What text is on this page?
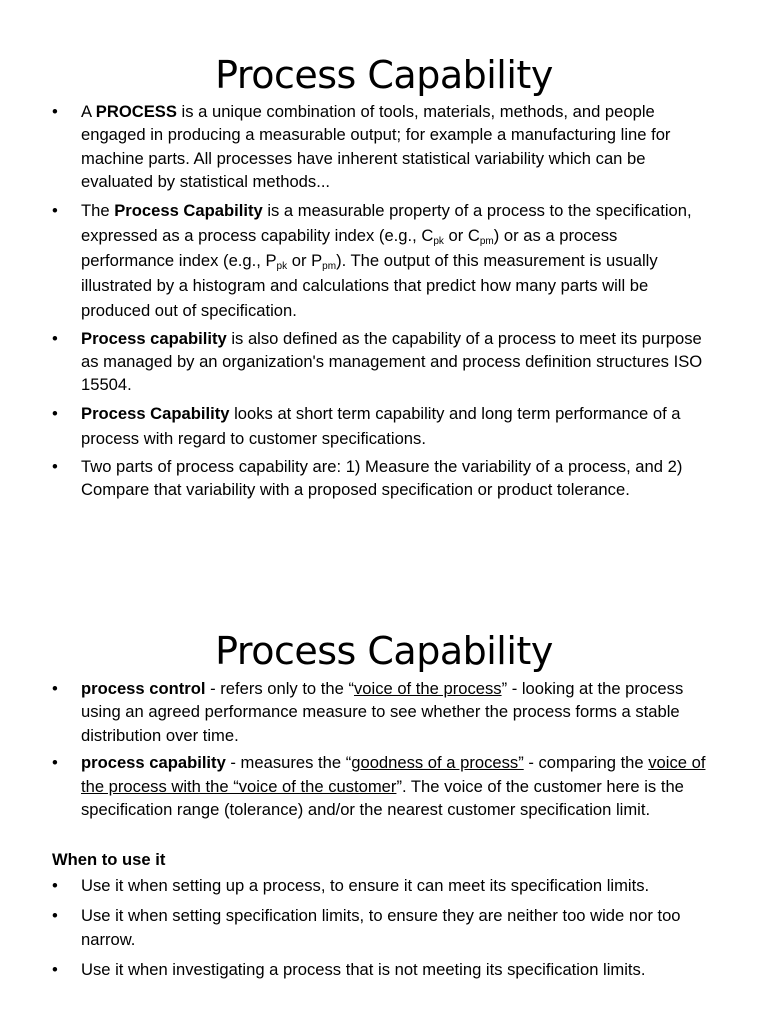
Process Capability
• A PROCESS is a unique combination of tools, materials, methods, and people engaged in producing a measurable output; for example a manufacturing line for machine parts. All processes have inherent statistical variability which can be evaluated by statistical methods...
• The Process Capability is a measurable property of a process to the specification, expressed as a process capability index (e.g., $C_{pk}$ or $C_{pm}$) or as a process performance index (e.g., $P_{pk}$ or $P_{pm}$). The output of this measurement is usually illustrated by a histogram and calculations that predict how many parts will be produced out of specification.
• Process capability is also defined as the capability of a process to meet its purpose as managed by an organization's management and process definition structures ISO 15504.
• Process Capability looks at short term capability and long term performance of a process with regard to customer specifications.
• Two parts of process capability are: 1) Measure the variability of a process, and 2) Compare that variability with a proposed specification or product tolerance.
Process Capability
• process control - refers only to the “voice of the process” - looking at the process using an agreed performance measure to see whether the process forms a stable distribution over time.
• process capability - measures the “goodness of a process” - comparing the voice of the process with the “voice of the customer”. The voice of the customer here is the specification range (tolerance) and/or the nearest customer specification limit.
When to use it
• Use it when setting up a process, to ensure it can meet its specification limits.
• Use it when setting specification limits, to ensure they are neither too wide nor too narrow.
• Use it when investigating a process that is not meeting its specification limits.
